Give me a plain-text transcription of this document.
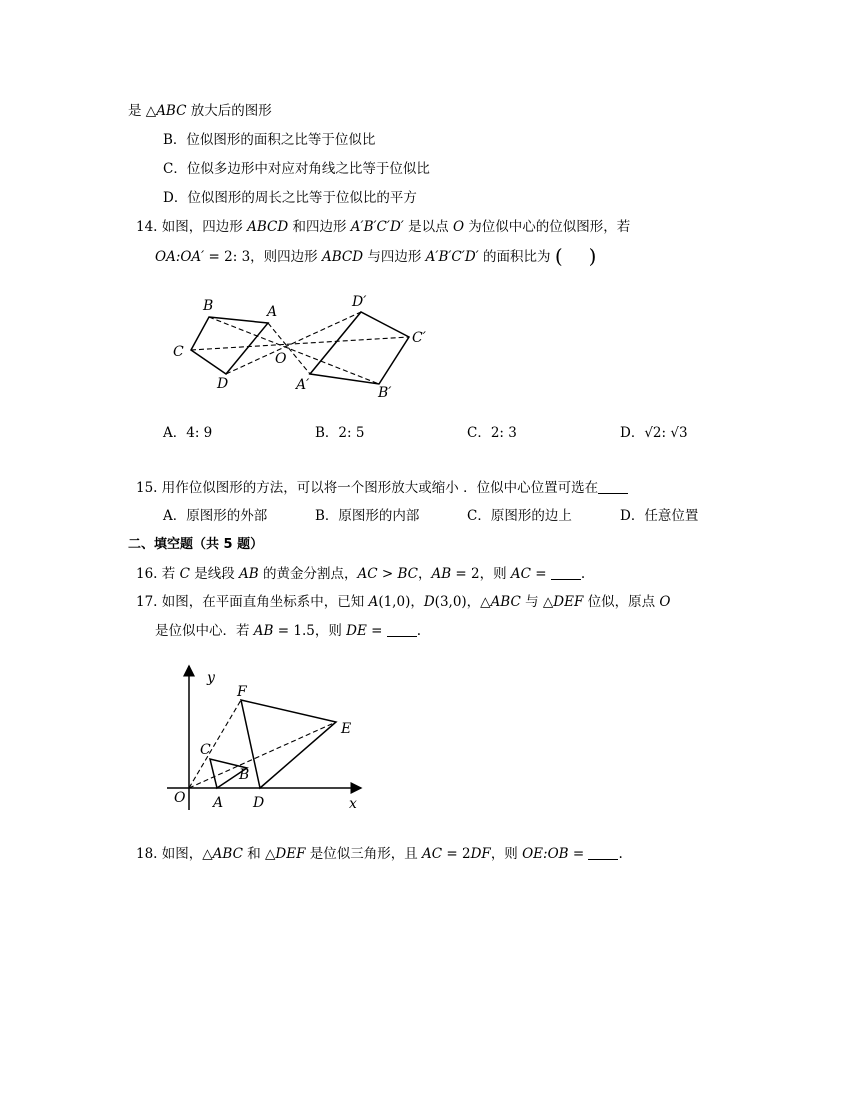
是 △ABC 放大后的图形
B．位似图形的面积之比等于位似比
C．位似多边形中对应对角线之比等于位似比
D．位似图形的周长之比等于位似比的平方
14. 如图，四边形 ABCD 和四边形 A′B′C′D′ 是以点 O 为位似中心的位似图形，若
OA:OA′ = 2: 3，则四边形 ABCD 与四边形 A′B′C′D′ 的面积比为 ( )
B	A
C
D
O
A′	B′
C′
D′
A．4: 9	B．2: 5	C．2: 3	D．√2: √3
15. 用作位似图形的方法，可以将一个图形放大或缩小 ．位似中心位置可选在
A．原图形的外部	B．原图形的内部	C．原图形的边上	D．任意位置
二、填空题（共 5 题）
16. 若 C 是线段 AB 的黄金分割点，AC > BC，AB = 2，则 AC = .
17. 如图，在平面直角坐标系中，已知 A(1,0)，D(3,0)，△ABC 与 △DEF 位似，原点 O
是位似中心．若 AB = 1.5，则 DE = .
y
x
O A
B
C
D
E
F
18. 如图，△ABC 和 △DEF 是位似三角形，且 AC = 2DF，则 OE:OB = .
